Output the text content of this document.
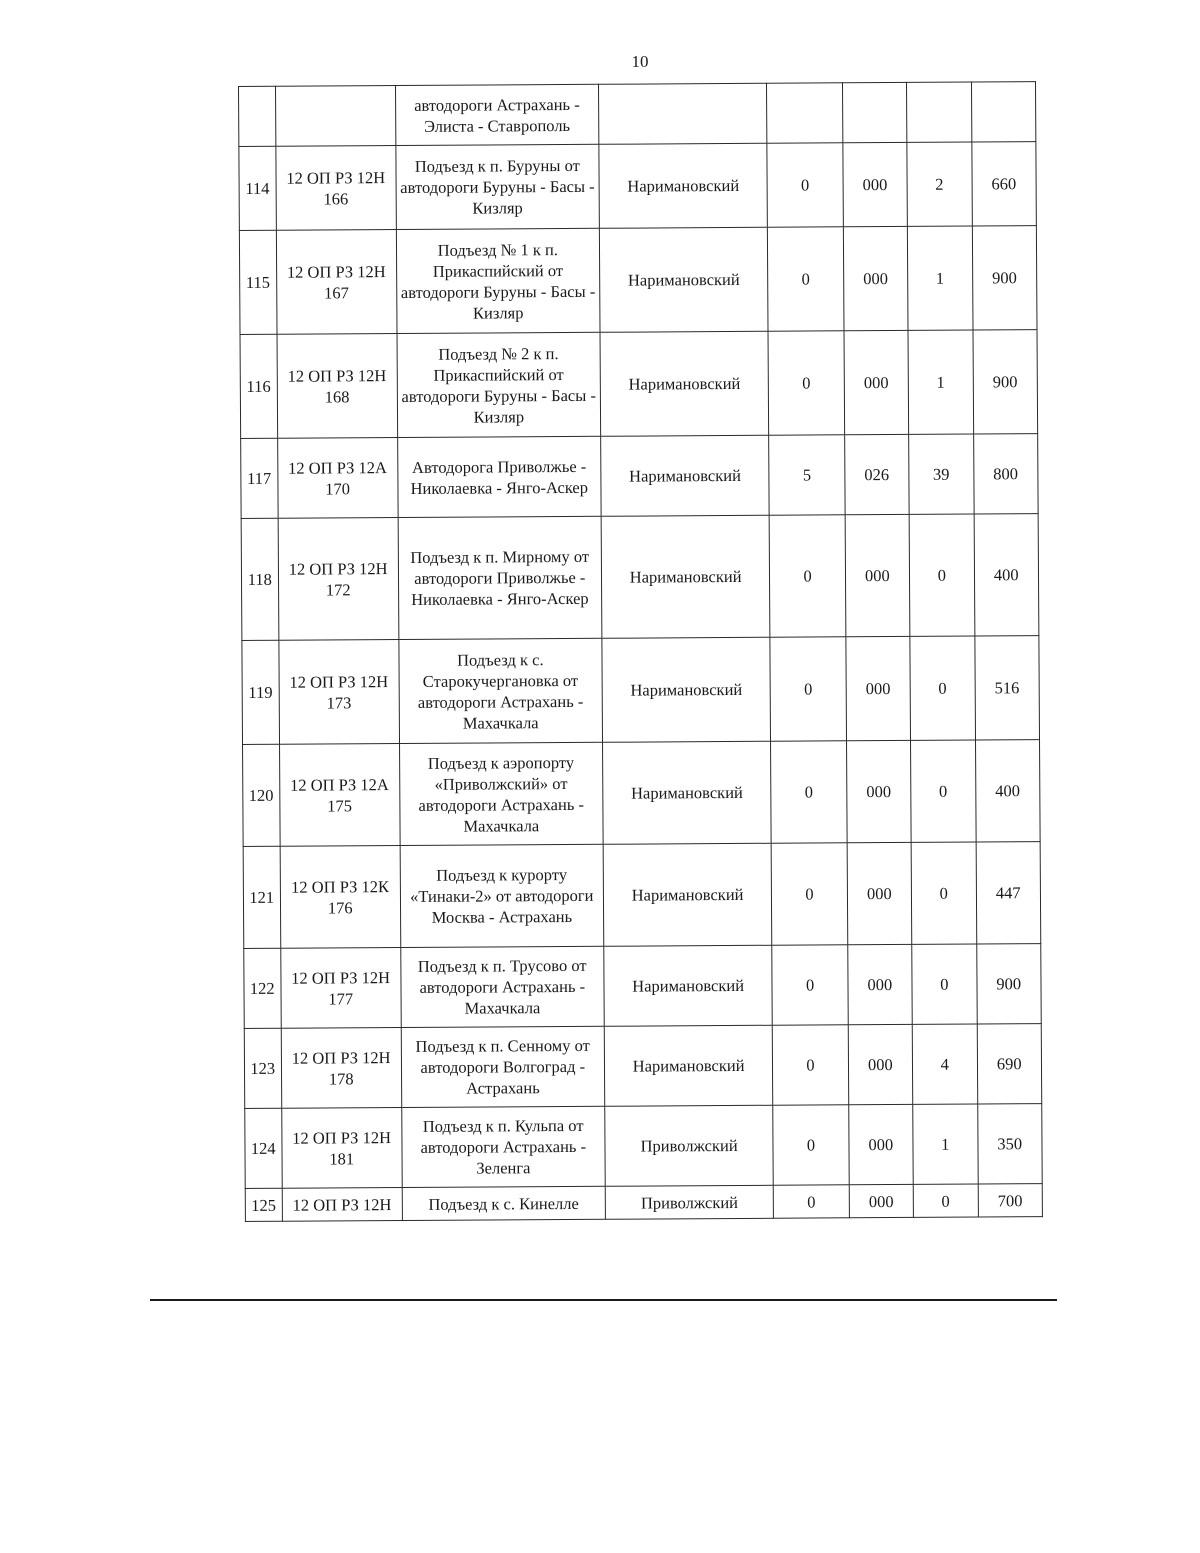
10
		автодороги Астрахань - Элиста - Ставрополь					
114	12 ОП РЗ 12Н 166	Подъезд к п. Буруны от автодороги Буруны - Басы - Кизляр	Наримановский	0	000	2	660
115	12 ОП РЗ 12Н 167	Подъезд № 1 к п. Прикаспийский от автодороги Буруны - Басы - Кизляр	Наримановский	0	000	1	900
116	12 ОП РЗ 12Н 168	Подъезд № 2 к п. Прикаспийский от автодороги Буруны - Басы - Кизляр	Наримановский	0	000	1	900
117	12 ОП РЗ 12А 170	Автодорога Приволжье - Николаевка - Янго-Аскер	Наримановский	5	026	39	800
118	12 ОП РЗ 12Н 172	Подъезд к п. Мирному от автодороги Приволжье - Николаевка - Янго-Аскер	Наримановский	0	000	0	400
119	12 ОП РЗ 12Н 173	Подъезд к с. Старокучергановка от автодороги Астрахань - Махачкала	Наримановский	0	000	0	516
120	12 ОП РЗ 12А 175	Подъезд к аэропорту «Приволжский» от автодороги Астрахань - Махачкала	Наримановский	0	000	0	400
121	12 ОП РЗ 12К 176	Подъезд к курорту «Тинаки-2» от автодороги Москва - Астрахань	Наримановский	0	000	0	447
122	12 ОП РЗ 12Н 177	Подъезд к п. Трусово от автодороги Астрахань - Махачкала	Наримановский	0	000	0	900
123	12 ОП РЗ 12Н 178	Подъезд к п. Сенному от автодороги Волгоград - Астрахань	Наримановский	0	000	4	690
124	12 ОП РЗ 12Н 181	Подъезд к п. Кульпа от автодороги Астрахань - Зеленга	Приволжский	0	000	1	350
125	12 ОП РЗ 12Н	Подъезд к с. Кинелле	Приволжский	0	000	0	700
